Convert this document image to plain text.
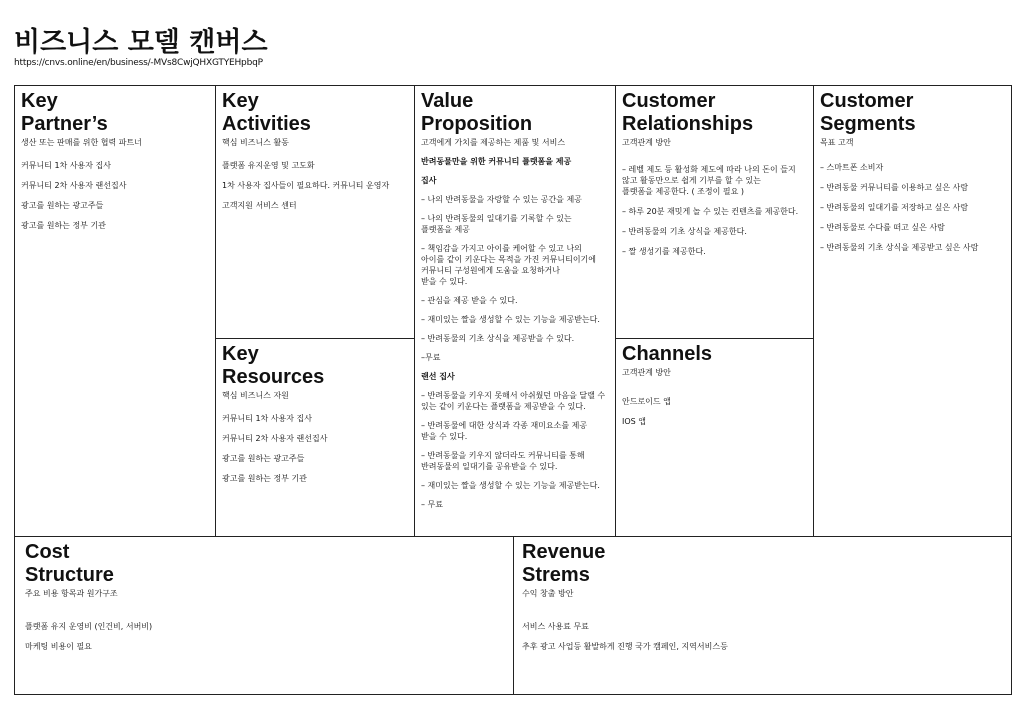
비즈니스 모델 캔버스
https://cnvs.online/en/business/-MVs8CwjQHXGTYEHpbqP
Key
Partner’s
생산 또는 판매를 위한 협력 파트너
커뮤니티 1차 사용자 집사
커뮤니티 2차 사용자 랜선집사
광고를 원하는 광고주들
광고를 원하는 정부 기관
Key
Activities
핵심 비즈니스 활동
플랫폼 유지운영 및 고도화
1차 사용자 집사들이 필요하다. 커뮤니티 운영자
고객지원 서비스 센터
Key
Resources
핵심 비즈니스 자원
커뮤니티 1차 사용자 집사
커뮤니티 2차 사용자 랜선집사
광고를 원하는 광고주들
광고를 원하는 정부 기관
Value
Proposition
고객에게 가치를 제공하는 제품 및 서비스
반려동물만을 위한 커뮤니티 플랫폼을 제공
집사
– 나의 반려동물을 자랑할 수 있는 공간을 제공
– 나의 반려동물의 일대기를 기록할 수 있는
플랫폼을 제공
– 책임감을 가지고 아이를 케어할 수 있고 나의
아이를 같이 키운다는 목적을 가진 커뮤니티이기에
커뮤니티 구성원에게 도움을 요청하거나
받을 수 있다.
– 관심을 제공 받을 수 있다.
– 재미있는 짤을 생성할 수 있는 기능을 제공받는다.
– 반려동물의 기초 상식을 제공받을 수 있다.
–무료
랜선 집사
– 반려동물을 키우지 못해서 아쉬웠던 마음을 달랠 수
있는 같이 키운다는 플랫폼을 제공받을 수 있다.
– 반려동물에 대한 상식과 각종 재미요소를 제공
받을 수 있다.
– 반려동물을 키우지 않더라도 커뮤니티를 통해
반려동물의 일대기를 공유받을 수 있다.
– 재미있는 짤을 생성할 수 있는 기능을 제공받는다.
– 무료
Customer
Relationships
고객관계 방안
– 레벨 제도 등 활성화 제도에 따라 나의 돈이 들지
않고 활동만으로 쉽게 기부를 할 수 있는
플랫폼을 제공한다. ( 조정이 필요 )
– 하루 20분 재밋게 놀 수 있는 컨텐츠를 제공한다.
– 반려동물의 기초 상식을 제공한다.
– 짤 생성기를 제공한다.
Channels
고객관계 방안
안드로이드 앱
IOS 앱
Customer
Segments
목표 고객
– 스마트폰 소비자
– 반려동물 커뮤니티를 이용하고 싶은 사람
– 반려동물의 일대기를 저장하고 싶은 사람
– 반려동물로 수다를 떠고 싶은 사람
– 반려동물의 기초 상식을 제공받고 싶은 사람
Cost
Structure
주요 비용 항목과 원가구조
플랫폼 유지 운영비 (인건비, 서버비)
마케팅 비용이 필요
Revenue
Strems
수익 창출 방안
서비스 사용료 무료
추후 광고 사업등 활발하게 진행 국가 캠페인, 지역서비스등
